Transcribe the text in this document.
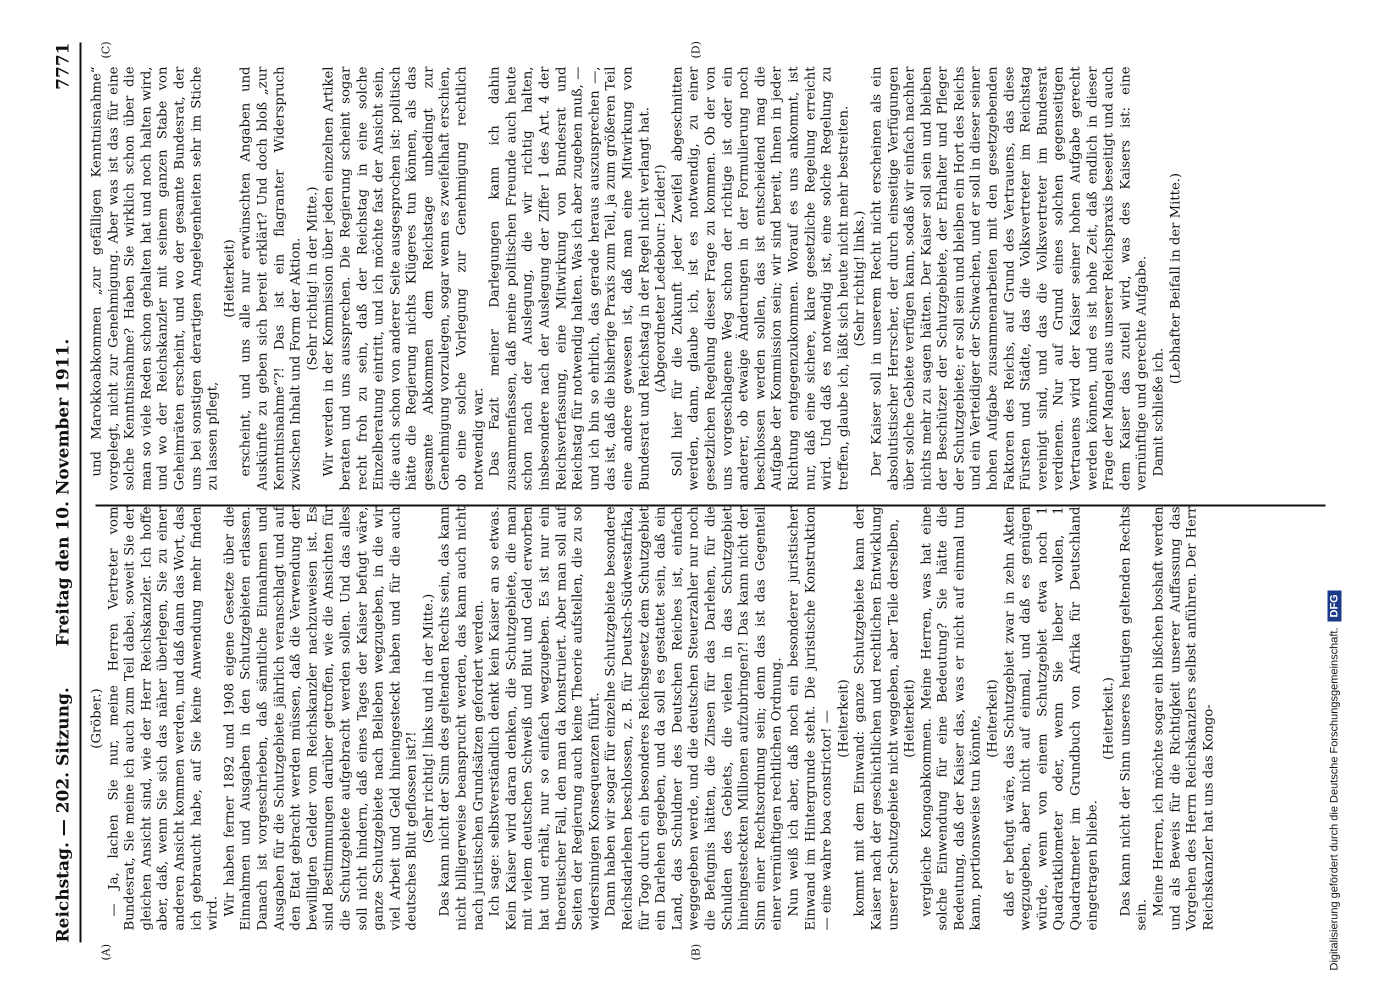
Reichstag. — 202. Sitzung.
Freitag den 10. November 1911.
7771
(A)	(B)
(C)	(D)

(Gröber.) — Ja, lachen Sie nur, meine Herren Vertreter vom Bundesrat, Sie meine ich auch zum Teil dabei, soweit Sie der gleichen Ansicht sind, wie der Herr Reichskanzler. Ich hoffe aber, daß, wenn Sie sich das näher überlegen, Sie zu einer anderen Ansicht kommen werden, und daß dann das Wort, das ich gebraucht habe, auf Sie keine Anwendung mehr finden wird. Wir haben ferner 1892 und 1908 eigene Gesetze über die Einnahmen und Ausgaben in den Schutzgebieten erlassen. Danach ist vorgeschrieben, daß sämtliche Einnahmen und Ausgaben für die Schutzgebiete jährlich veranschlagt und auf den Etat gebracht werden müssen, daß die Verwendung der bewilligten Gelder vom Reichskanzler nachzuweisen ist. Es sind Bestimmungen darüber getroffen, wie die Ansichten für die Schutzgebiete aufgebracht werden sollen. Und das alles soll nicht hindern, daß eines Tages der Kaiser befugt wäre, ganze Schutzgebiete nach Belieben wegzugeben, in die wir viel Arbeit und Geld hineingesteckt haben und für die auch deutsches Blut geflossen ist?! (Sehr richtig! links und in der Mitte.) Das kann nicht der Sinn des geltenden Rechts sein, das kann nicht billigerweise beansprucht werden, das kann auch nicht nach juristischen Grundsätzen gefordert werden. Ich sage: selbstverständlich denkt kein Kaiser an so etwas. Kein Kaiser wird daran denken, die Schutzgebiete, die man mit vielem deutschen Schweiß und Blut und Geld erworben hat und erhält, nur so einfach wegzugeben. Es ist nur ein theoretischer Fall, den man da konstruiert. Aber man soll auf Seiten der Regierung auch keine Theorie aufstellen, die zu so widersinnigen Konsequenzen führt. Dann haben wir sogar für einzelne Schutzgebiete besondere Reichsdarlehen beschlossen, z. B. für Deutsch-Südwestafrika, für Togo durch ein besonderes Reichsgesetz dem Schutzgebiet ein Darlehen gegeben, und da soll es gestattet sein, daß ein Land, das Schuldner des Deutschen Reiches ist, einfach weggegeben werde, und die deutschen Steuerzahler nur noch die Befugnis hätten, die Zinsen für das Darlehen, für die Schulden des Gebiets, die vielen in das Schutzgebiet hineingesteckten Millionen aufzubringen?! Das kann nicht der Sinn einer Rechtsordnung sein; denn das ist das Gegenteil einer vernünftigen rechtlichen Ordnung. Nun weiß ich aber, daß noch ein besonderer juristischer Einwand im Hintergrunde steht. Die juristische Konstruktion — eine wahre boa constrictor! — (Heiterkeit) kommt mit dem Einwand: ganze Schutzgebiete kann der Kaiser nach der geschichtlichen und rechtlichen Entwicklung unserer Schutzgebiete nicht weggeben, aber Teile derselben, (Heiterkeit) vergleiche Kongoabkommen. Meine Herren, was hat eine solche Einwendung für eine Bedeutung? Sie hätte die Bedeutung, daß der Kaiser das, was er nicht auf einmal tun kann, portionsweise tun könnte, (Heiterkeit) daß er befugt wäre, das Schutzgebiet zwar in zehn Akten wegzugeben, aber nicht auf einmal, und daß es genügen würde, wenn von einem Schutzgebiet etwa noch 1 Quadratkilometer oder, wenn Sie lieber wollen, 1 Quadratmeter im Grundbuch von Afrika für Deutschland eingetragen bliebe.

(Heiterkeit.) Das kann nicht der Sinn unseres heutigen geltenden Rechts sein. Meine Herren, ich möchte sogar ein bißchen boshaft werden und als Beweis für die Richtigkeit unserer Auffassung das Vorgehen des Herrn Reichskanzlers selbst anführen. Der Herr Reichskanzler hat uns das Kongo-

und Marokkoabkommen „zur gefälligen Kenntnisnahme“ vorgelegt, nicht zur Genehmigung. Aber was ist das für eine solche Kenntnisnahme? Haben Sie wirklich schon über die man so viele Reden schon gehalten hat und noch halten wird, und wo der Reichskanzler mit seinem ganzen Stabe von Geheimräten erscheint, und wo der gesamte Bundesrat, der uns bei sonstigen derartigen Angelegenheiten sehr im Stiche zu lassen pflegt,

(Heiterkeit) erscheint, und uns alle nur erwünschten Angaben und Auskünfte zu geben sich bereit erklärt? Und doch bloß „zur Kenntnisnahme“?! Das ist ein flagranter Widerspruch zwischen Inhalt und Form der Aktion. (Sehr richtig! in der Mitte.) Wir werden in der Kommission über jeden einzelnen Artikel beraten und uns aussprechen. Die Regierung scheint sogar recht froh zu sein, daß der Reichstag in eine solche Einzelberatung eintritt, und ich möchte fast der Ansicht sein, die auch schon von anderer Seite ausgesprochen ist: politisch hätte die Regierung nichts Klügeres tun können, als das gesamte Abkommen dem Reichstage unbedingt zur Genehmigung vorzulegen, sogar wenn es zweifelhaft erschien, ob eine solche Vorlegung zur Genehmigung rechtlich notwendig war. Das Fazit meiner Darlegungen kann ich dahin zusammenfassen, daß meine politischen Freunde auch heute schon nach der Auslegung, die wir richtig halten, insbesondere nach der Auslegung der Ziffer 1 des Art. 4 der Reichsverfassung, eine Mitwirkung von Bundesrat und Reichstag für notwendig halten. Was ich aber zugeben muß, — und ich bin so ehrlich, das gerade heraus auszusprechen —, das ist, daß die bisherige Praxis zum Teil, ja zum größeren Teil eine andere gewesen ist, daß man eine Mitwirkung von Bundesrat und Reichstag in der Regel nicht verlangt hat. (Abgeordneter Ledebour: Leider!) Soll hier für die Zukunft jeder Zweifel abgeschnitten werden, dann, glaube ich, ist es notwendig, zu einer gesetzlichen Regelung dieser Frage zu kommen. Ob der von uns vorgeschlagene Weg schon der richtige ist oder ein anderer, ob etwaige Änderungen in der Formulierung noch beschlossen werden sollen, das ist entscheidend mag die Aufgabe der Kommission sein; wir sind bereit, Ihnen in jeder Richtung entgegenzukommen. Worauf es uns ankommt, ist nur, daß eine sichere, klare gesetzliche Regelung erreicht wird. Und daß es notwendig ist, eine solche Regelung zu treffen, glaube ich, läßt sich heute nicht mehr bestreiten. (Sehr richtig! links.) Der Kaiser soll in unserem Recht nicht erscheinen als ein absolutistischer Herrscher, der durch einseitige Verfügungen über solche Gebiete verfügen kann, sodaß wir einfach nachher nichts mehr zu sagen hätten. Der Kaiser soll sein und bleiben der Beschützer der Schutzgebiete, der Erhalter und Pfleger der Schutzgebiete; er soll sein und bleiben ein Hort des Reichs und ein Verteidiger der Schwachen, und er soll in dieser seiner hohen Aufgabe zusammenarbeiten mit den gesetzgebenden Faktoren des Reichs, auf Grund des Vertrauens, das diese Fürsten und Städte, das die Volksvertreter im Reichstag vereinigt sind, und das die Volksvertreter im Bundesrat verdienen. Nur auf Grund eines solchen gegenseitigen Vertrauens wird der Kaiser seiner hohen Aufgabe gerecht werden können, und es ist hohe Zeit, daß endlich in dieser Frage der Mangel aus unserer Reichspraxis beseitigt und auch dem Kaiser das zuteil wird, was des Kaisers ist: eine vernünftige und gerechte Aufgabe. Damit schließe ich.

(Lebhafter Beifall in der Mitte.)

Digitalisierung gefördert durch die Deutsche Forschungsgemeinschaft.DFG
